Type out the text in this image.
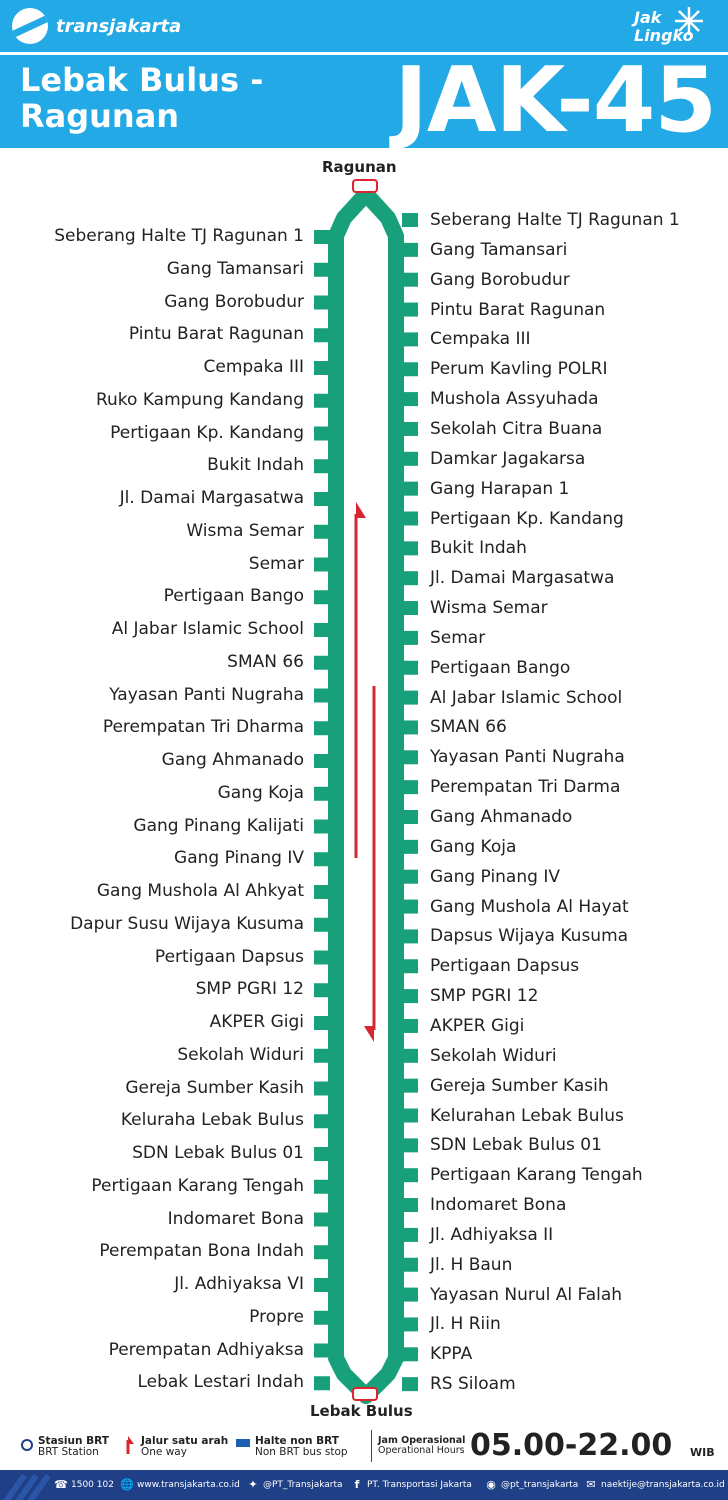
transjakarta	Jak
Lingko
Lebak Bulus -
Ragunan	JAK-45
Ragunan
Lebak Bulus
Seberang Halte TJ Ragunan 1
Gang Tamansari
Gang Borobudur
Pintu Barat Ragunan
Cempaka III
Ruko Kampung Kandang
Pertigaan Kp. Kandang
Bukit Indah
Jl. Damai Margasatwa
Wisma Semar
Semar
Pertigaan Bango
Al Jabar Islamic School
SMAN 66
Yayasan Panti Nugraha
Perempatan Tri Dharma
Gang Ahmanado
Gang Koja
Gang Pinang Kalijati
Gang Pinang IV
Gang Mushola Al Ahkyat
Dapur Susu Wijaya Kusuma
Pertigaan Dapsus
SMP PGRI 12
AKPER Gigi
Sekolah Widuri
Gereja Sumber Kasih
Keluraha Lebak Bulus
SDN Lebak Bulus 01
Pertigaan Karang Tengah
Indomaret Bona
Perempatan Bona Indah
Jl. Adhiyaksa VI
Propre
Perempatan Adhiyaksa
Lebak Lestari Indah
Seberang Halte TJ Ragunan 1
Gang Tamansari
Gang Borobudur
Pintu Barat Ragunan
Cempaka III
Perum Kavling POLRI
Mushola Assyuhada
Sekolah Citra Buana
Damkar Jagakarsa
Gang Harapan 1
Pertigaan Kp. Kandang
Bukit Indah
Jl. Damai Margasatwa
Wisma Semar
Semar
Pertigaan Bango
Al Jabar Islamic School
SMAN 66
Yayasan Panti Nugraha
Perempatan Tri Darma
Gang Ahmanado
Gang Koja
Gang Pinang IV
Gang Mushola Al Hayat
Dapsus Wijaya Kusuma
Pertigaan Dapsus
SMP PGRI 12
AKPER Gigi
Sekolah Widuri
Gereja Sumber Kasih
Kelurahan Lebak Bulus
SDN Lebak Bulus 01
Pertigaan Karang Tengah
Indomaret Bona
Jl. Adhiyaksa II
Jl. H Baun
Yayasan Nurul Al Falah
Jl. H Riin
KPPA
RS Siloam
Stasiun BRT
BRT Station
Jalur satu arah
One way
Halte non BRT
Non BRT bus stop
Jam Operasional
Operational Hours 05.00-22.00 WIB
☎ 1500 102 🌐 www.transjakarta.co.id ✦ @PT_Transjakarta	f PT. Transportasi Jakarta ◉ @pt_transjakarta ✉ naektije@transjakarta.co.id
